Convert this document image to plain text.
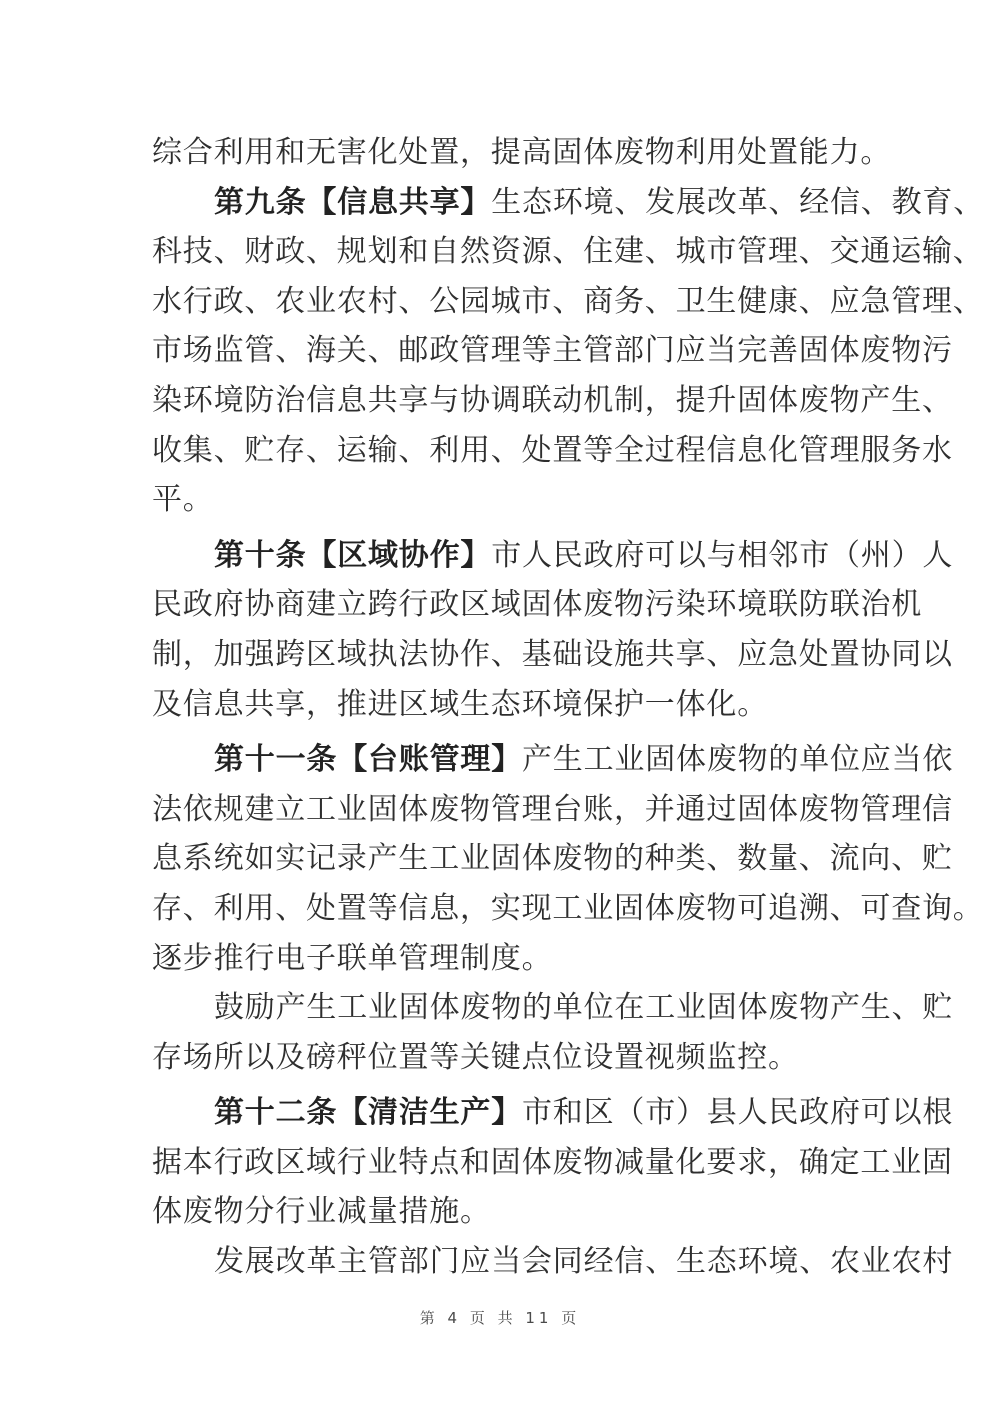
综合利用和无害化处置，提高固体废物利用处置能力。
第九条【信息共享】生态环境、发展改革、经信、教育、
科技、财政、规划和自然资源、住建、城市管理、交通运输、
水行政、农业农村、公园城市、商务、卫生健康、应急管理、
市场监管、海关、邮政管理等主管部门应当完善固体废物污
染环境防治信息共享与协调联动机制，提升固体废物产生、
收集、贮存、运输、利用、处置等全过程信息化管理服务水
平。
第十条【区域协作】市人民政府可以与相邻市（州）人
民政府协商建立跨行政区域固体废物污染环境联防联治机
制，加强跨区域执法协作、基础设施共享、应急处置协同以
及信息共享，推进区域生态环境保护一体化。
第十一条【台账管理】产生工业固体废物的单位应当依
法依规建立工业固体废物管理台账，并通过固体废物管理信
息系统如实记录产生工业固体废物的种类、数量、流向、贮
存、利用、处置等信息，实现工业固体废物可追溯、可查询。
逐步推行电子联单管理制度。
鼓励产生工业固体废物的单位在工业固体废物产生、贮
存场所以及磅秤位置等关键点位设置视频监控。
第十二条【清洁生产】市和区（市）县人民政府可以根
据本行政区域行业特点和固体废物减量化要求，确定工业固
体废物分行业减量措施。
发展改革主管部门应当会同经信、生态环境、农业农村
第 4 页 共 11 页
